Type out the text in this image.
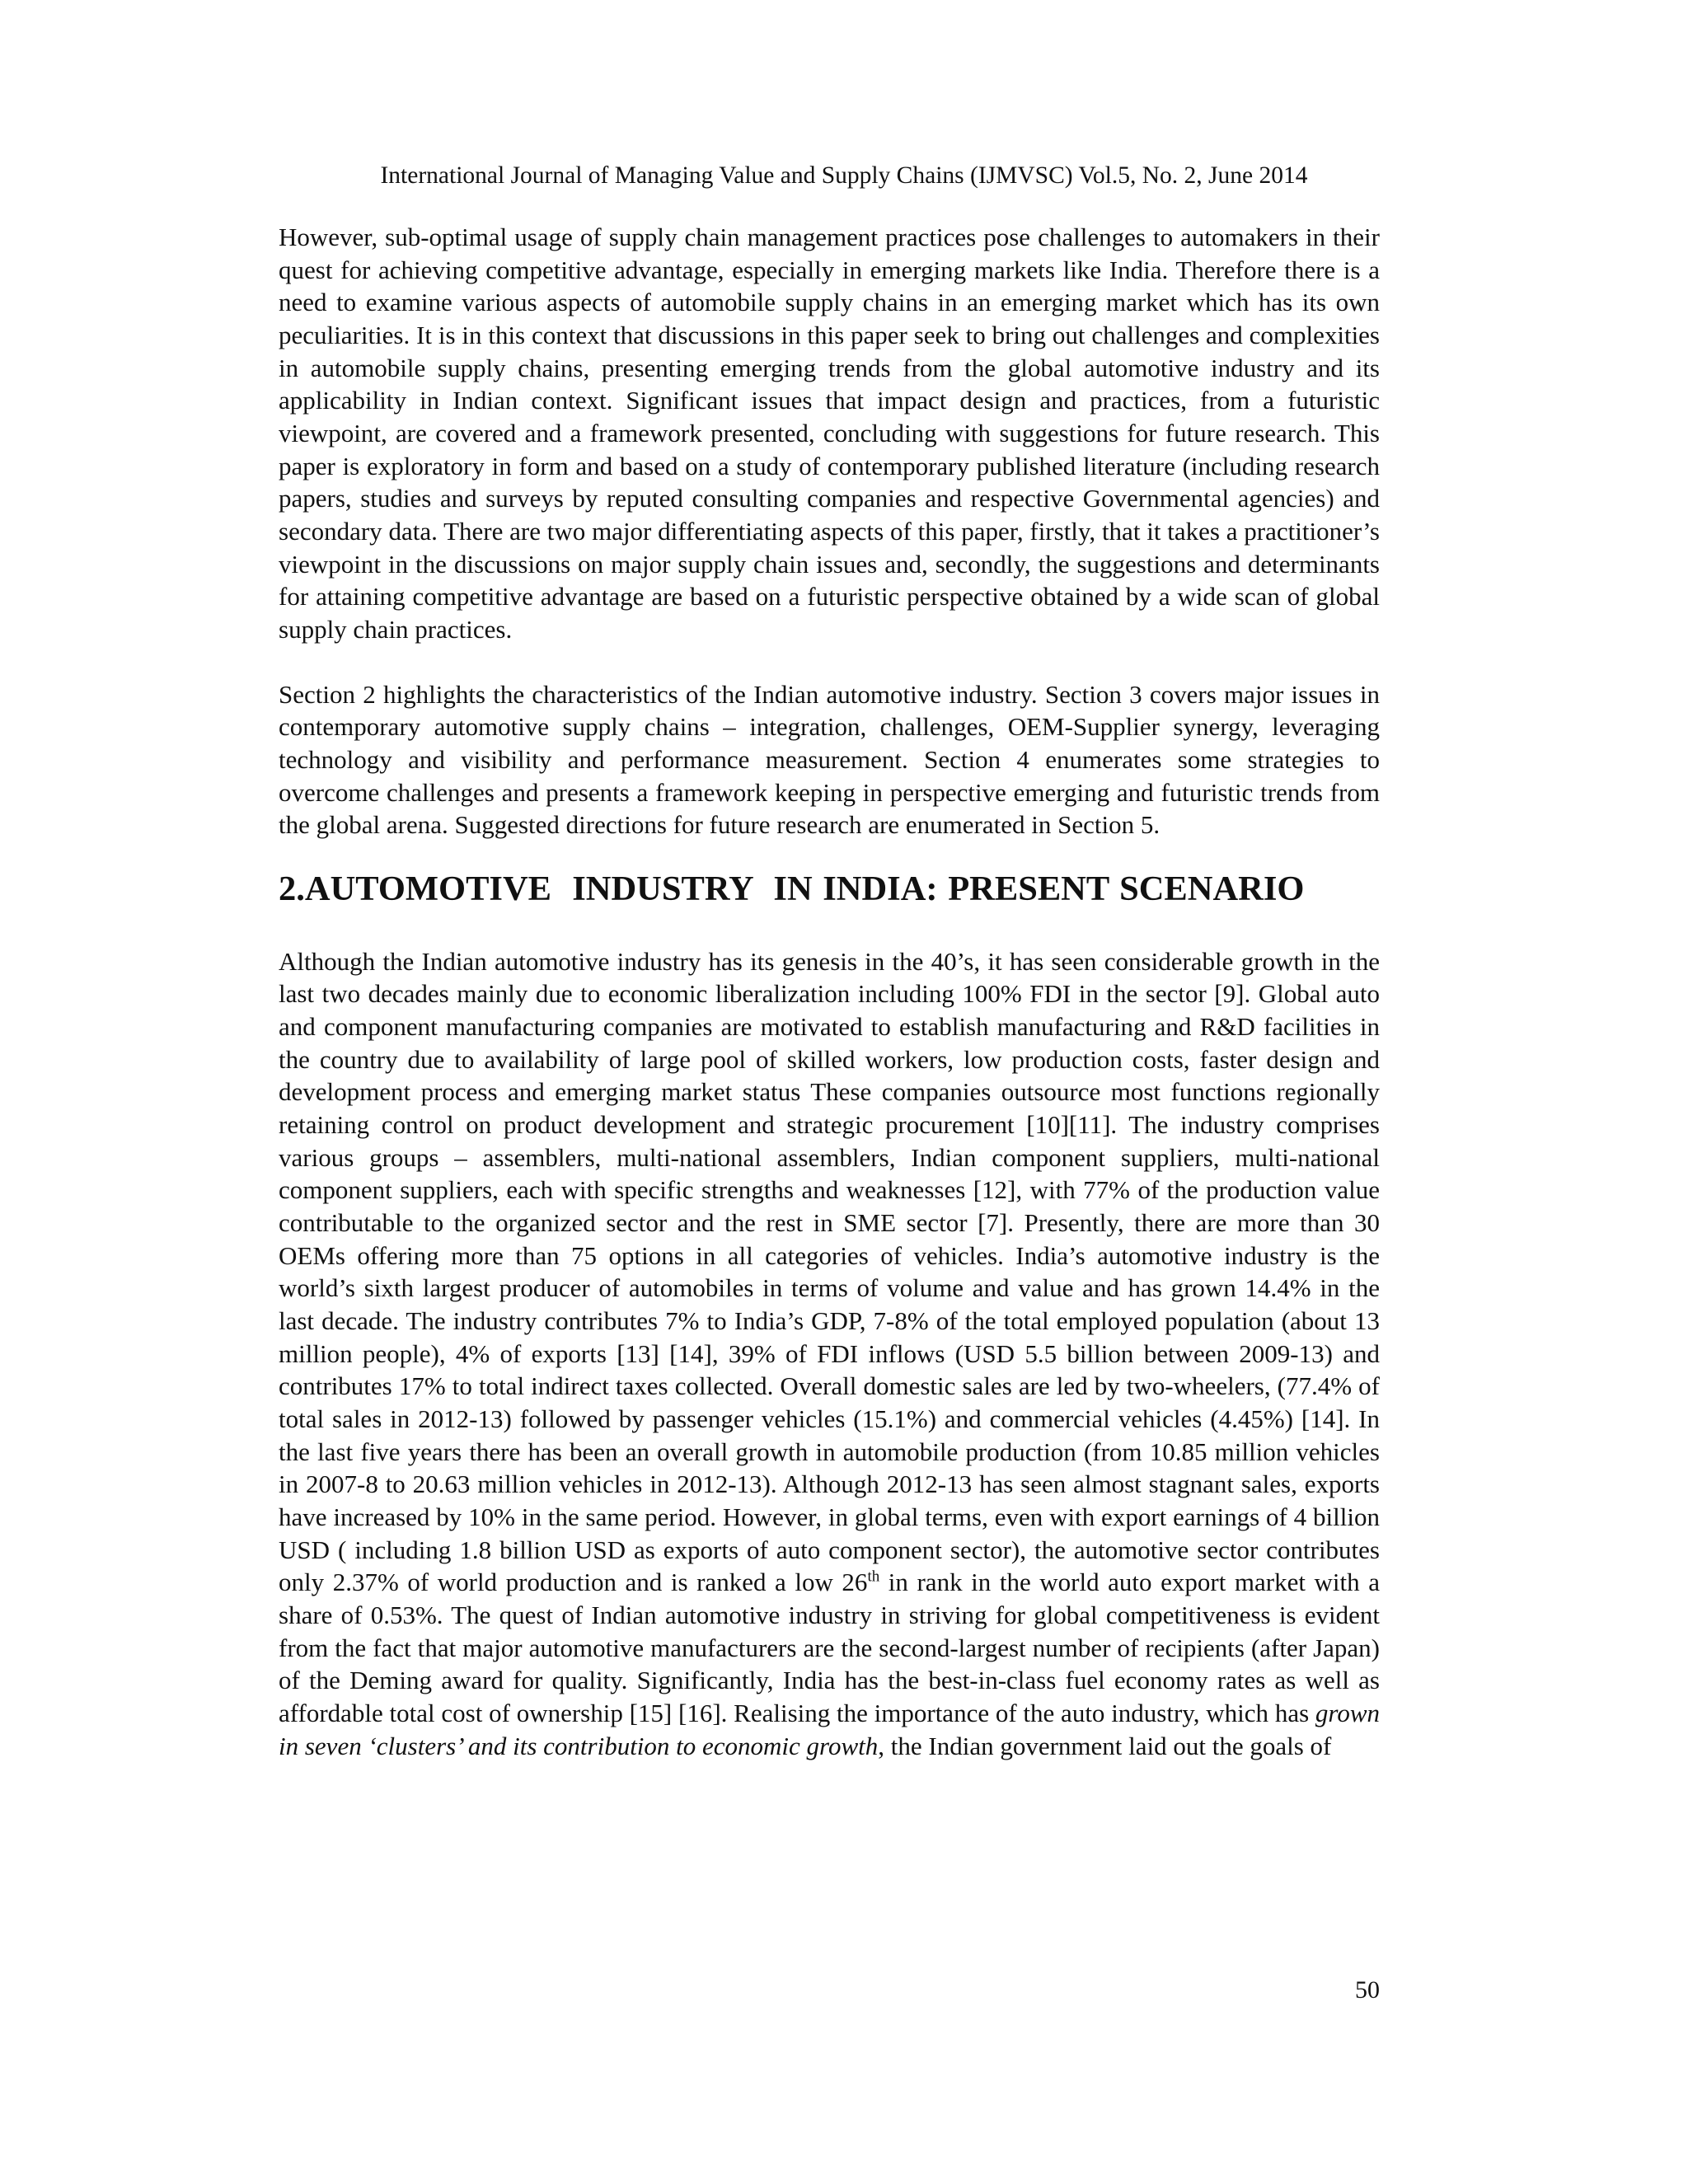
International Journal of Managing Value and Supply Chains (IJMVSC) Vol.5, No. 2, June 2014

However, sub-optimal usage of supply chain management practices pose challenges to automakers in their quest for achieving competitive advantage, especially in emerging markets like India. Therefore there is a need to examine various aspects of automobile supply chains in an emerging market which has its own peculiarities. It is in this context that discussions in this paper seek to bring out challenges and complexities in automobile supply chains, presenting emerging trends from the global automotive industry and its applicability in Indian context. Significant issues that impact design and practices, from a futuristic viewpoint, are covered and a framework presented, concluding with suggestions for future research. This paper is exploratory in form and based on a study of contemporary published literature (including research papers, studies and surveys by reputed consulting companies and respective Governmental agencies) and secondary data. There are two major differentiating aspects of this paper, firstly, that it takes a practitioner’s viewpoint in the discussions on major supply chain issues and, secondly, the suggestions and determinants for attaining competitive advantage are based on a futuristic perspective obtained by a wide scan of global supply chain practices.

Section 2 highlights the characteristics of the Indian automotive industry. Section 3 covers major issues in contemporary automotive supply chains – integration, challenges, OEM-Supplier synergy, leveraging technology and visibility and performance measurement. Section 4 enumerates some strategies to overcome challenges and presents a framework keeping in perspective emerging and futuristic trends from the global arena. Suggested directions for future research are enumerated in Section 5.

2.AUTOMOTIVE  INDUSTRY  IN INDIA: PRESENT SCENARIO

Although the Indian automotive industry has its genesis in the 40’s, it has seen considerable growth in the last two decades mainly due to economic liberalization including 100% FDI in the sector [9]. Global auto and component manufacturing companies are motivated to establish manufacturing and R&D facilities in the country due to availability of large pool of skilled workers, low production costs, faster design and development process and emerging market status These companies outsource most functions regionally retaining control on product development and strategic procurement [10][11]. The industry comprises various groups – assemblers, multi-national assemblers, Indian component suppliers, multi-national component suppliers, each with specific strengths and weaknesses [12], with 77% of the production value contributable to the organized sector and the rest in SME sector [7]. Presently, there are more than 30 OEMs offering more than 75 options in all categories of vehicles. India’s automotive industry is the world’s sixth largest producer of automobiles in terms of volume and value and has grown 14.4% in the last decade. The industry contributes 7% to India’s GDP, 7-8% of the total employed population (about 13 million people), 4% of exports [13] [14], 39% of FDI inflows (USD 5.5 billion between 2009-13) and contributes 17% to total indirect taxes collected. Overall domestic sales are led by two-wheelers, (77.4% of total sales in 2012-13) followed by passenger vehicles (15.1%) and commercial vehicles (4.45%) [14]. In the last five years there has been an overall growth in automobile production (from 10.85 million vehicles in 2007-8 to 20.63 million vehicles in 2012-13). Although 2012-13 has seen almost stagnant sales, exports have increased by 10% in the same period. However, in global terms, even with export earnings of 4 billion USD ( including 1.8 billion USD as exports of auto component sector), the automotive sector contributes only 2.37% of world production and is ranked a low 26th in rank in the world auto export market with a share of 0.53%. The quest of Indian automotive industry in striving for global competitiveness is evident from the fact that major automotive manufacturers are the second-largest number of recipients (after Japan) of the Deming award for quality. Significantly, India has the best-in-class fuel economy rates as well as affordable total cost of ownership [15] [16]. Realising the importance of the auto industry, which has grown in seven ‘clusters’ and its contribution to economic growth, the Indian government laid out the goals of

50
